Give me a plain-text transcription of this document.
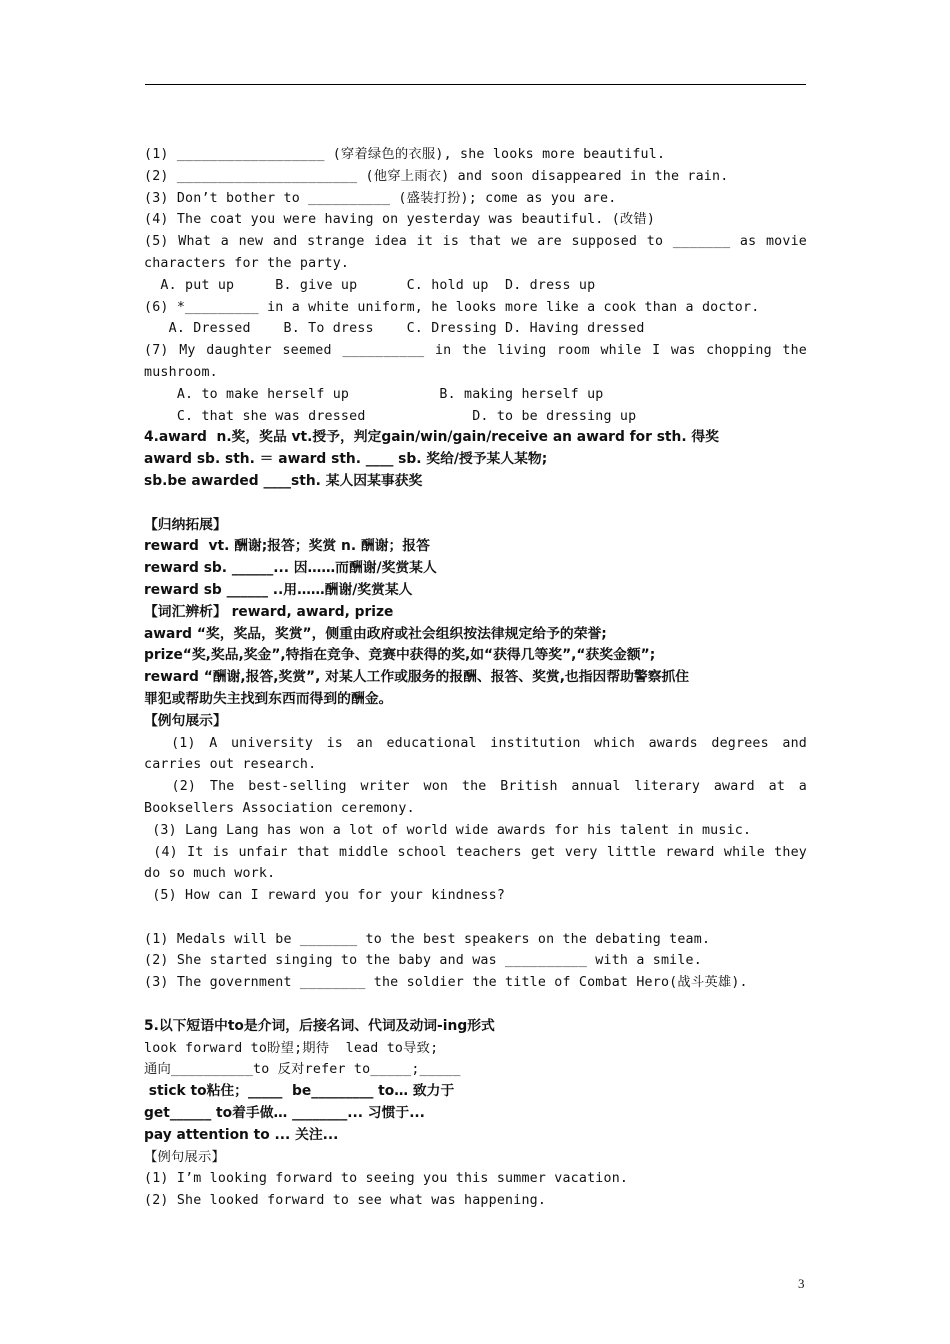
(1) __________________ (穿着绿色的衣服), she looks more beautiful.
(2) ______________________ (他穿上雨衣) and soon disappeared in the rain.
(3) Don’t bother to __________ (盛装打扮); come as you are.
(4) The coat you were having on yesterday was beautiful. (改错)
(5) What a new and strange idea it is that we are supposed to _______ as movie
characters for the party.
A. put up     B. give up      C. hold up  D. dress up
(6) *_________ in a white uniform, he looks more like a cook than a doctor.
A. Dressed    B. To dress    C. Dressing D. Having dressed
(7) My daughter seemed __________ in the living room while I was chopping the
mushroom.
A. to make herself up           B. making herself up
C. that she was dressed             D. to be dressing up
4.award  n.奖，奖品 vt.授予，判定gain/win/gain/receive an award for sth. 得奖
award sb. sth. ＝ award sth. ____ sb. 奖给/授予某人某物;
sb.be awarded ____sth. 某人因某事获奖
【归纳拓展】
reward  vt. 酬谢;报答；奖赏 n. 酬谢；报答
reward sb. ______... 因……而酬谢/奖赏某人
reward sb ______ ..用……酬谢/奖赏某人
【词汇辨析】 reward, award, prize
award “奖，奖品，奖赏”，侧重由政府或社会组织按法律规定给予的荣誉;
prize“奖,奖品,奖金”,特指在竞争、竞赛中获得的奖,如“获得几等奖”,“获奖金额”;
reward “酬谢,报答,奖赏”, 对某人工作或服务的报酬、报答、奖赏,也指因帮助警察抓住
罪犯或帮助失主找到东西而得到的酬金。
【例句展示】
(1) A university is an educational institution which awards degrees and
carries out research.
(2) The best-selling writer won the British annual literary award at a
Booksellers Association ceremony.
(3) Lang Lang has won a lot of world wide awards for his talent in music.
(4) It is unfair that middle school teachers get very little reward while they
do so much work.
(5) How can I reward you for your kindness?
(1) Medals will be _______ to the best speakers on the debating team.
(2) She started singing to the baby and was __________ with a smile.
(3) The government ________ the soldier the title of Combat Hero(战斗英雄).
5.以下短语中to是介词，后接名词、代词及动词-ing形式
look forward to盼望;期待  lead to导致;
通向__________to 反对refer to_____;_____
stick to粘住；_____  be_________ to… 致力于
get______ to着手做… ________... 习惯于...
pay attention to ... 关注...
【例句展示】
(1) I’m looking forward to seeing you this summer vacation.
(2) She looked forward to see what was happening.
3
